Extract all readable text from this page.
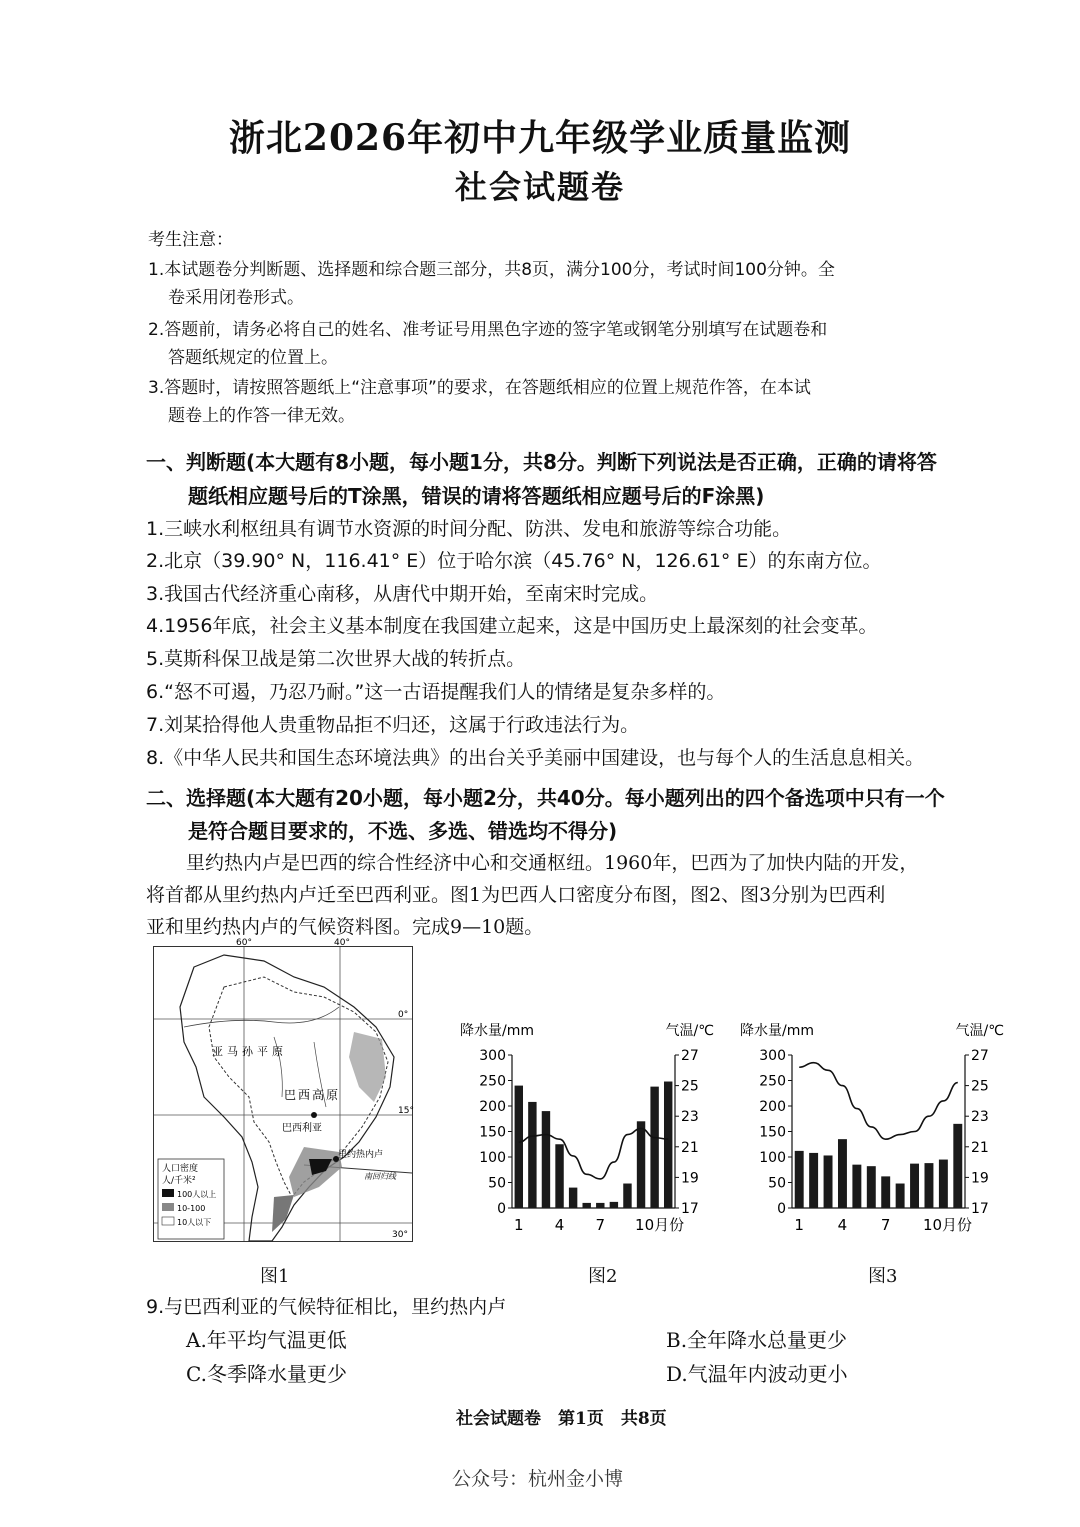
浙北2026年初中九年级学业质量监测
社会试题卷
考生注意：
1.本试题卷分判断题、选择题和综合题三部分，共8页，满分100分，考试时间100分钟。全
卷采用闭卷形式。
2.答题前，请务必将自己的姓名、准考证号用黑色字迹的签字笔或钢笔分别填写在试题卷和
答题纸规定的位置上。
3.答题时，请按照答题纸上“注意事项”的要求，在答题纸相应的位置上规范作答，在本试
题卷上的作答一律无效。
一、判断题(本大题有8小题，每小题1分，共8分。判断下列说法是否正确，正确的请将答
题纸相应题号后的T涂黑，错误的请将答题纸相应题号后的F涂黑)
1.三峡水利枢纽具有调节水资源的时间分配、防洪、发电和旅游等综合功能。
2.北京（39.90° N，116.41° E）位于哈尔滨（45.76° N，126.61° E）的东南方位。
3.我国古代经济重心南移，从唐代中期开始，至南宋时完成。
4.1956年底，社会主义基本制度在我国建立起来，这是中国历史上最深刻的社会变革。
5.莫斯科保卫战是第二次世界大战的转折点。
6.“怒不可遏，乃忍乃耐。”这一古语提醒我们人的情绪是复杂多样的。
7.刘某拾得他人贵重物品拒不归还，这属于行政违法行为。
8.《中华人民共和国生态环境法典》的出台关乎美丽中国建设，也与每个人的生活息息相关。
二、选择题(本大题有20小题，每小题2分，共40分。每小题列出的四个备选项中只有一个
是符合题目要求的，不选、多选、错选均不得分)
里约热内卢是巴西的综合性经济中心和交通枢纽。1960年，巴西为了加快内陆的开发，
将首都从里约热内卢迁至巴西利亚。图1为巴西人口密度分布图，图2、图3分别为巴西利
亚和里约热内卢的气候资料图。完成9—10题。
60°	40°
0°
15°
30°
亚马孙平原
巴西高原
巴西利亚
里约热内卢
南回归线
人口密度
人/千米²
100人以上
10-100
10人以下
图1
降水量/mm	气温/℃
0
50
100
150
200
250
300
17
19
21
23
25
27
1 4 7 10月份
图2
降水量/mm	气温/℃
0
50
100
150
200
250
300
17
19
21
23
25
27
1 4 7 10月份
图3
9.与巴西利亚的气候特征相比，里约热内卢
A.年平均气温更低	B.全年降水总量更少
C.冬季降水量更少	D.气温年内波动更小
社会试题卷　第1页　共8页
公众号：杭州金小博
